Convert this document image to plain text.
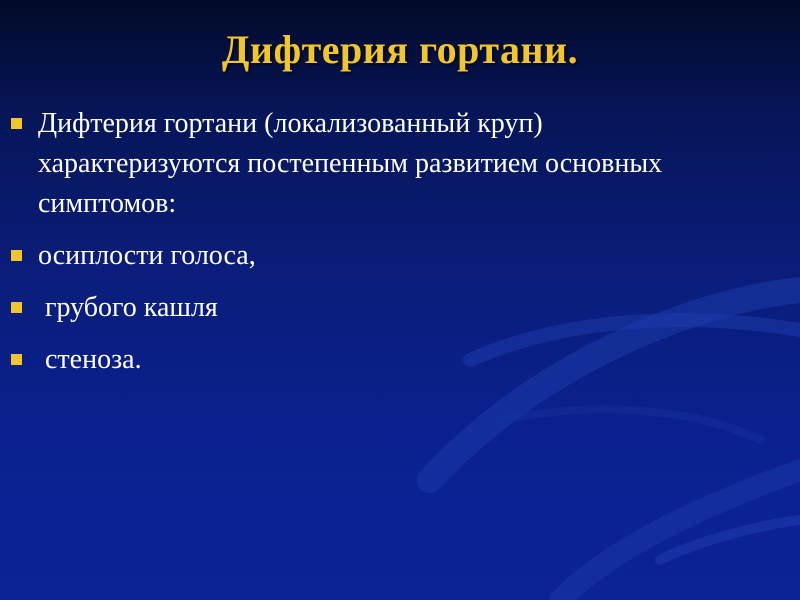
Дифтерия гортани.
Дифтерия гортани (локализованный круп) характеризуются постепенным развитием основных симптомов:
осиплости голоса,
грубого кашля
стеноза.
